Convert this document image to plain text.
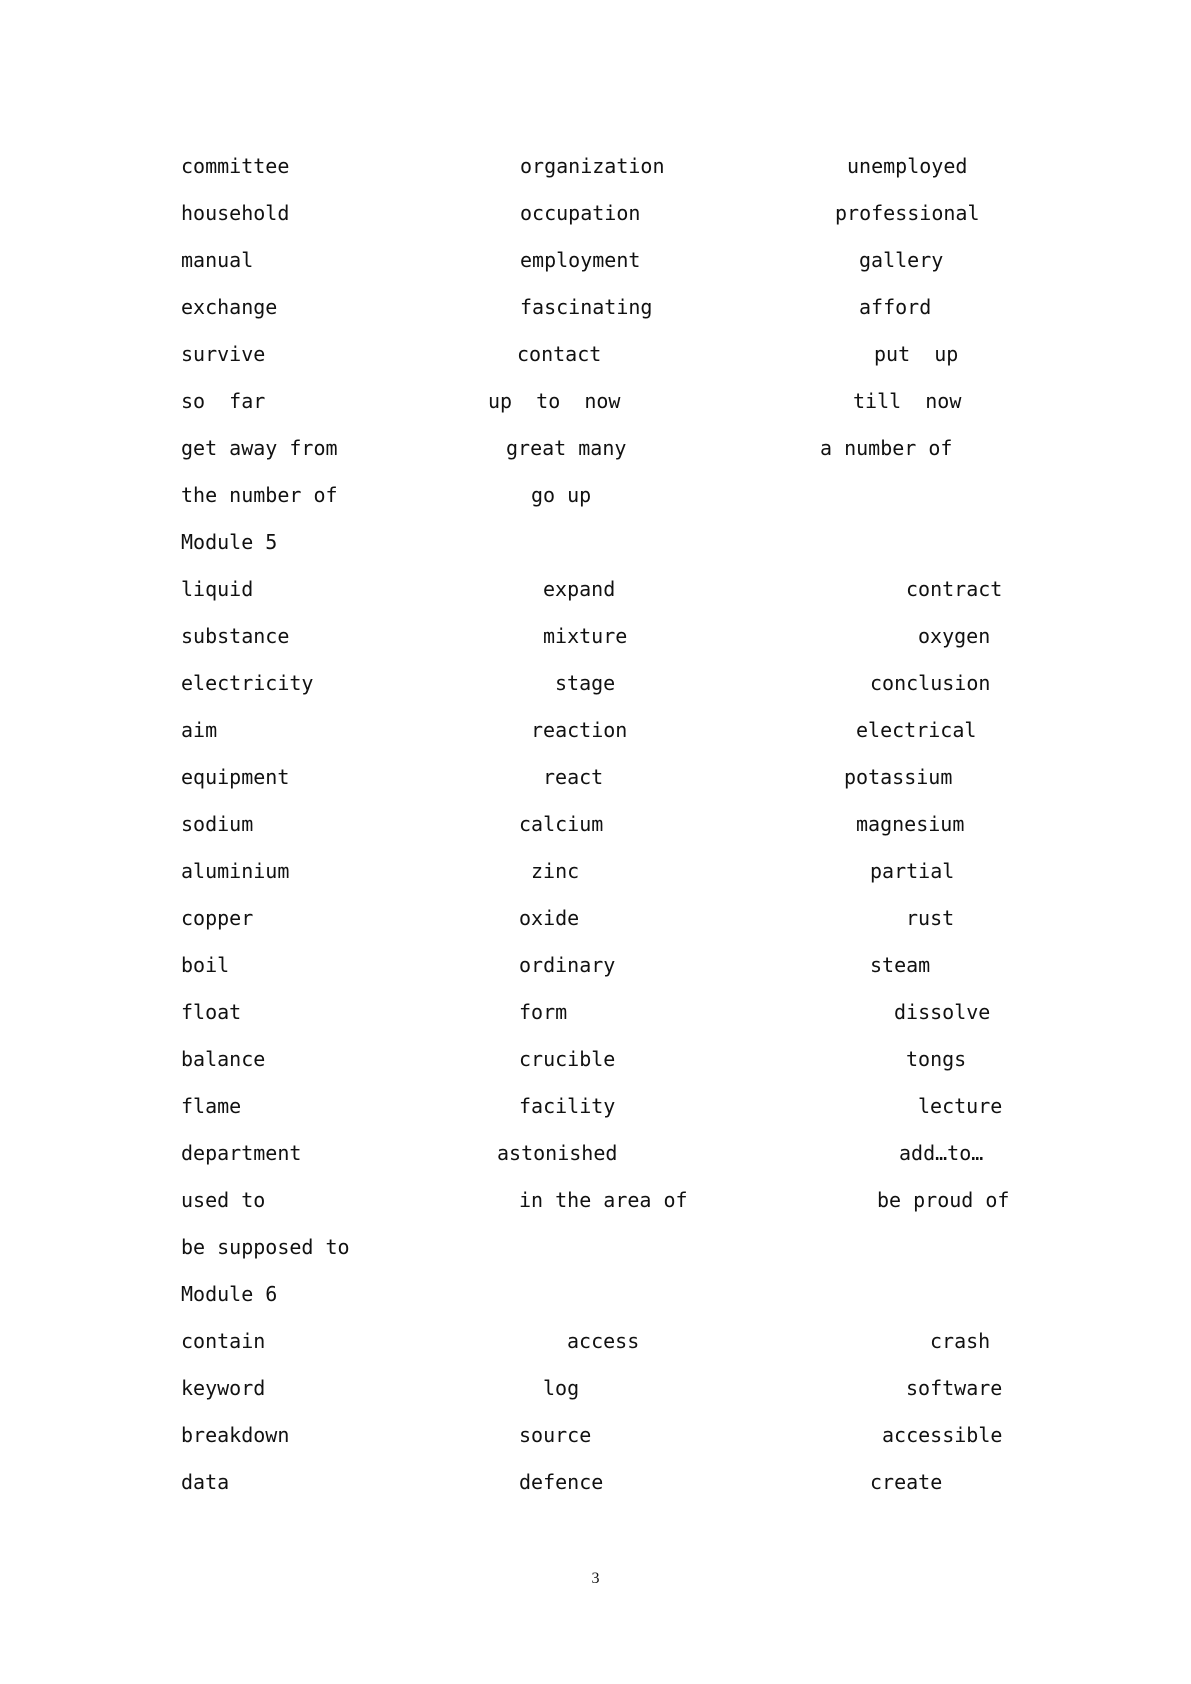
committee	organization	unemployed
household	occupation	professional
manual	employment	gallery
exchange	fascinating	afford
survive	contact	put  up
so  far	up  to  now	till  now
get away from	great many	a number of
the number of	go up
Module 5
liquid	expand	contract
substance	mixture	oxygen
electricity	stage	conclusion
aim	reaction	electrical
equipment	react	potassium
sodium	calcium	magnesium
aluminium	zinc	partial
copper	oxide	rust
boil	ordinary	steam
float	form	dissolve
balance	crucible	tongs
flame	facility	lecture
department	astonished	add…to…
used to	in the area of	be proud of
be supposed to
Module 6
contain	access	crash
keyword	log	software
breakdown	source	accessible
data	defence	create
3
